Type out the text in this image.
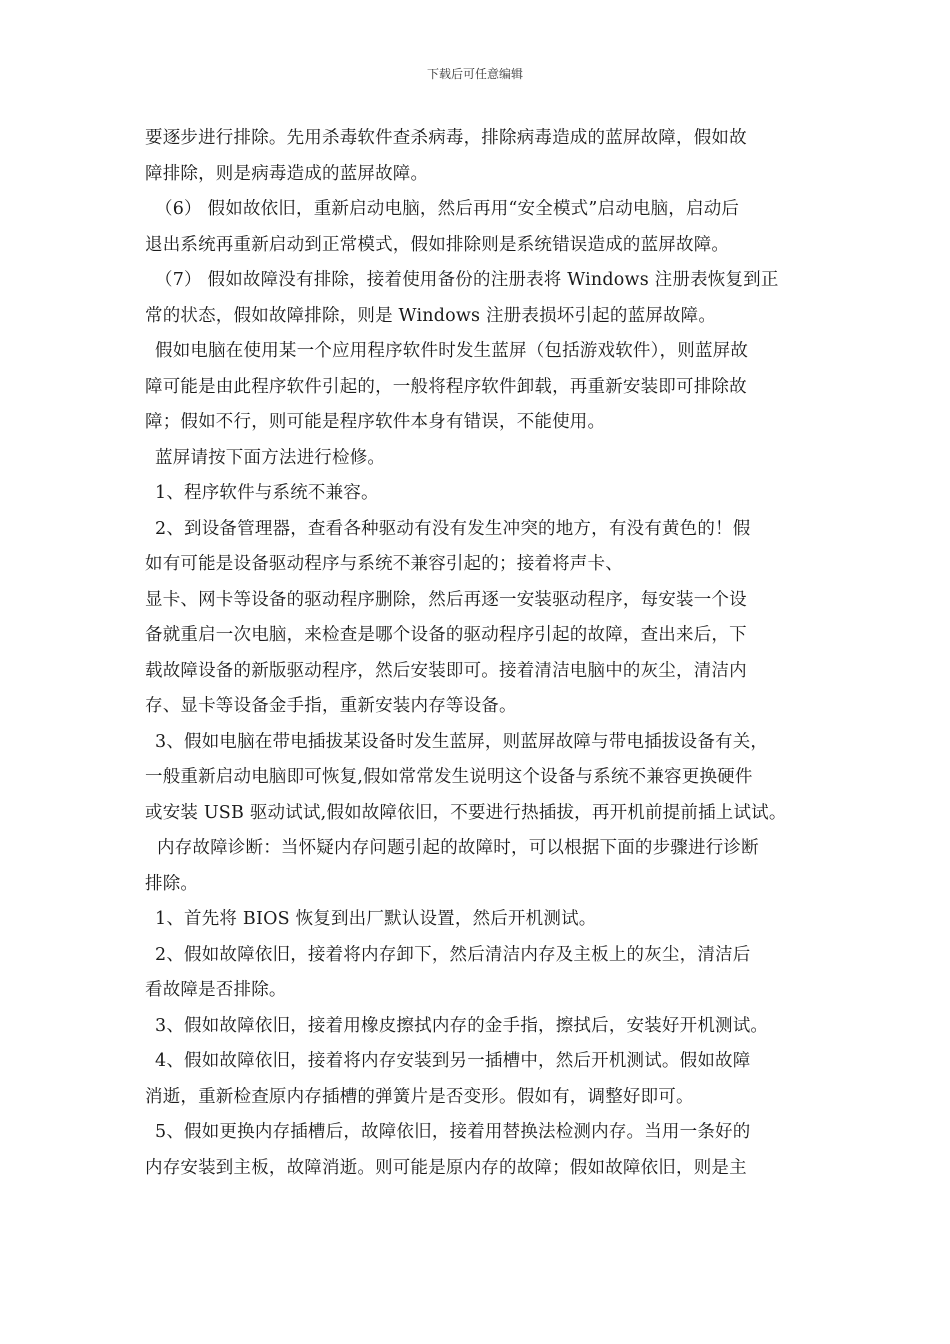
下载后可任意编辑
要逐步进行排除。先用杀毒软件查杀病毒，排除病毒造成的蓝屏故障，假如故
障排除，则是病毒造成的蓝屏故障。
（6） 假如故依旧，重新启动电脑，然后再用“安全模式”启动电脑，启动后
退出系统再重新启动到正常模式，假如排除则是系统错误造成的蓝屏故障。
（7） 假如故障没有排除，接着使用备份的注册表将 Windows 注册表恢复到正
常的状态，假如故障排除，则是 Windows 注册表损坏引起的蓝屏故障。
假如电脑在使用某一个应用程序软件时发生蓝屏（包括游戏软件），则蓝屏故
障可能是由此程序软件引起的，一般将程序软件卸载，再重新安装即可排除故
障；假如不行，则可能是程序软件本身有错误，不能使用。
蓝屏请按下面方法进行检修。
1、程序软件与系统不兼容。
2、到设备管理器，查看各种驱动有没有发生冲突的地方，有没有黄色的！假
如有可能是设备驱动程序与系统不兼容引起的；接着将声卡、
显卡、网卡等设备的驱动程序删除，然后再逐一安装驱动程序，每安装一个设
备就重启一次电脑，来检查是哪个设备的驱动程序引起的故障，查出来后，下
载故障设备的新版驱动程序，然后安装即可。接着清洁电脑中的灰尘，清洁内
存、显卡等设备金手指，重新安装内存等设备。
3、假如电脑在带电插拔某设备时发生蓝屏，则蓝屏故障与带电插拔设备有关，
一般重新启动电脑即可恢复,假如常常发生说明这个设备与系统不兼容更换硬件
或安装 USB 驱动试试,假如故障依旧，不要进行热插拔，再开机前提前插上试试。
内存故障诊断：当怀疑内存问题引起的故障时，可以根据下面的步骤进行诊断
排除。
1、首先将 BIOS 恢复到出厂默认设置，然后开机测试。
2、假如故障依旧，接着将内存卸下，然后清洁内存及主板上的灰尘，清洁后
看故障是否排除。
3、假如故障依旧，接着用橡皮擦拭内存的金手指，擦拭后，安装好开机测试。
4、假如故障依旧，接着将内存安装到另一插槽中，然后开机测试。假如故障
消逝，重新检查原内存插槽的弹簧片是否变形。假如有，调整好即可。
5、假如更换内存插槽后，故障依旧，接着用替换法检测内存。当用一条好的
内存安装到主板，故障消逝。则可能是原内存的故障；假如故障依旧，则是主
